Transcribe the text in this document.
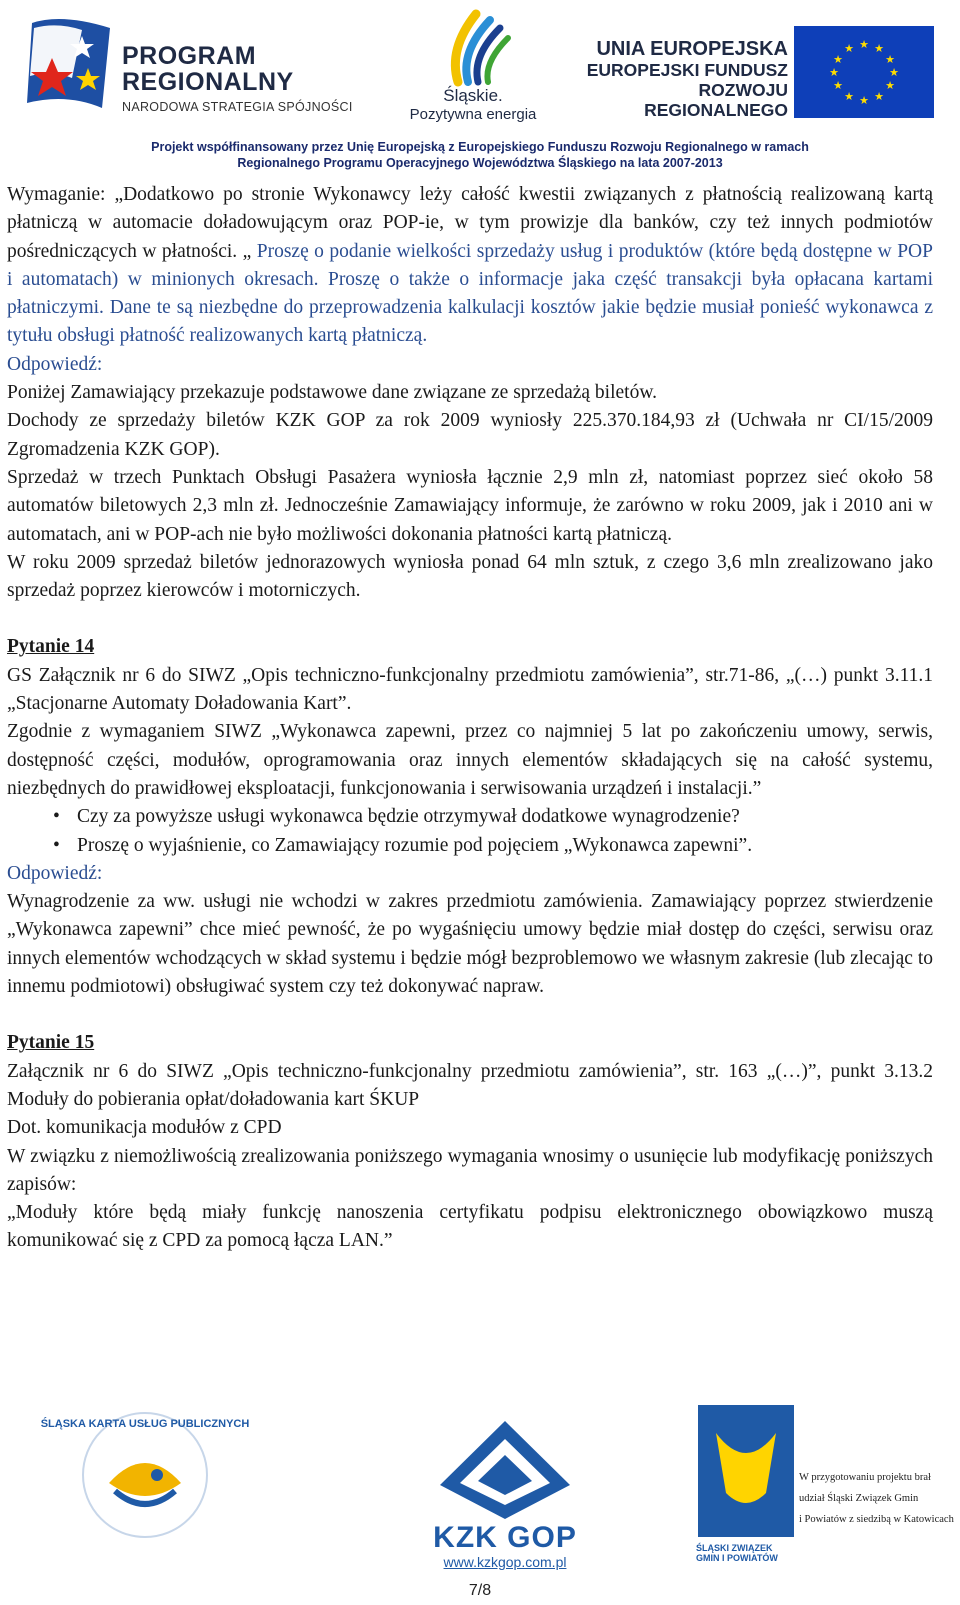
PROGRAM
REGIONALNY
NARODOWA STRATEGIA SPÓJNOŚCI
Śląskie.
Pozytywna energia
UNIA EUROPEJSKA
EUROPEJSKI FUNDUSZ
ROZWOJU REGIONALNEGO
★ ★
★
★
★
★
★
★
★
★
★
★
Projekt współfinansowany przez Unię Europejską z Europejskiego Funduszu Rozwoju Regionalnego w ramach
Regionalnego Programu Operacyjnego Województwa Śląskiego na lata 2007-2013

Wymaganie: „Dodatkowo po stronie Wykonawcy leży całość kwestii związanych z płatnością realizowaną kartą płatniczą w automacie doładowującym oraz POP-ie, w tym prowizje dla banków, czy też innych podmiotów pośredniczących w płatności. „ Proszę o podanie wielkości sprzedaży usług i produktów (które będą dostępne w POP i automatach) w minionych okresach. Proszę o także o informacje jaka część transakcji była opłacana kartami płatniczymi. Dane te są niezbędne do przeprowadzenia kalkulacji kosztów jakie będzie musiał ponieść wykonawca z tytułu obsługi płatność realizowanych kartą płatniczą.

Odpowiedź:

Poniżej Zamawiający przekazuje podstawowe dane związane ze sprzedażą biletów.

Dochody ze sprzedaży biletów KZK GOP za rok 2009 wyniosły 225.370.184,93 zł (Uchwała nr CI/15/2009 Zgromadzenia KZK GOP).

Sprzedaż w trzech Punktach Obsługi Pasażera wyniosła łącznie 2,9 mln zł, natomiast poprzez sieć około 58 automatów biletowych 2,3 mln zł. Jednocześnie Zamawiający informuje, że zarówno w roku 2009, jak i 2010 ani w automatach, ani w POP-ach nie było możliwości dokonania płatności kartą płatniczą.

W roku 2009 sprzedaż biletów jednorazowych wyniosła ponad 64 mln sztuk, z czego 3,6 mln zrealizowano jako sprzedaż poprzez kierowców i motorniczych.

Pytanie 14

GS Załącznik nr 6 do SIWZ „Opis techniczno-funkcjonalny przedmiotu zamówienia”, str.71-86, „(…) punkt 3.11.1 „Stacjonarne Automaty Doładowania Kart”.

Zgodnie z wymaganiem SIWZ „Wykonawca zapewni, przez co najmniej 5 lat po zakończeniu umowy, serwis, dostępność części, modułów, oprogramowania oraz innych elementów składających się na całość systemu, niezbędnych do prawidłowej eksploatacji, funkcjonowania i serwisowania urządzeń i instalacji.”

• Czy za powyższe usługi wykonawca będzie otrzymywał dodatkowe wynagrodzenie?
• Proszę o wyjaśnienie, co Zamawiający rozumie pod pojęciem „Wykonawca zapewni”.

Odpowiedź:

Wynagrodzenie za ww. usługi nie wchodzi w zakres przedmiotu zamówienia. Zamawiający poprzez stwierdzenie „Wykonawca zapewni” chce mieć pewność, że po wygaśnięciu umowy będzie miał dostęp do części, serwisu oraz innych elementów wchodzących w skład systemu i będzie mógł bezproblemowo we własnym zakresie (lub zlecając to innemu podmiotowi) obsługiwać system czy też dokonywać napraw.

Pytanie 15

Załącznik nr 6 do SIWZ „Opis techniczno-funkcjonalny przedmiotu zamówienia”, str. 163 „(…)”, punkt 3.13.2 Moduły do pobierania opłat/doładowania kart ŚKUP

Dot. komunikacja modułów z CPD

W związku z niemożliwością zrealizowania poniższego wymagania wnosimy o usunięcie lub modyfikację poniższych zapisów:

„Moduły które będą miały funkcję nanoszenia certyfikatu podpisu elektronicznego obowiązkowo muszą komunikować się z CPD za pomocą łącza LAN.”

ŚLĄSKA KARTA USŁUG PUBLICZNYCH
KZK GOP
www.kzkgop.com.pl
ŚLĄSKI ZWIĄZEK GMIN I POWIATÓW
W przygotowaniu projektu brał
udział Śląski Związek Gmin
i Powiatów z siedzibą w Katowicach
7/8
